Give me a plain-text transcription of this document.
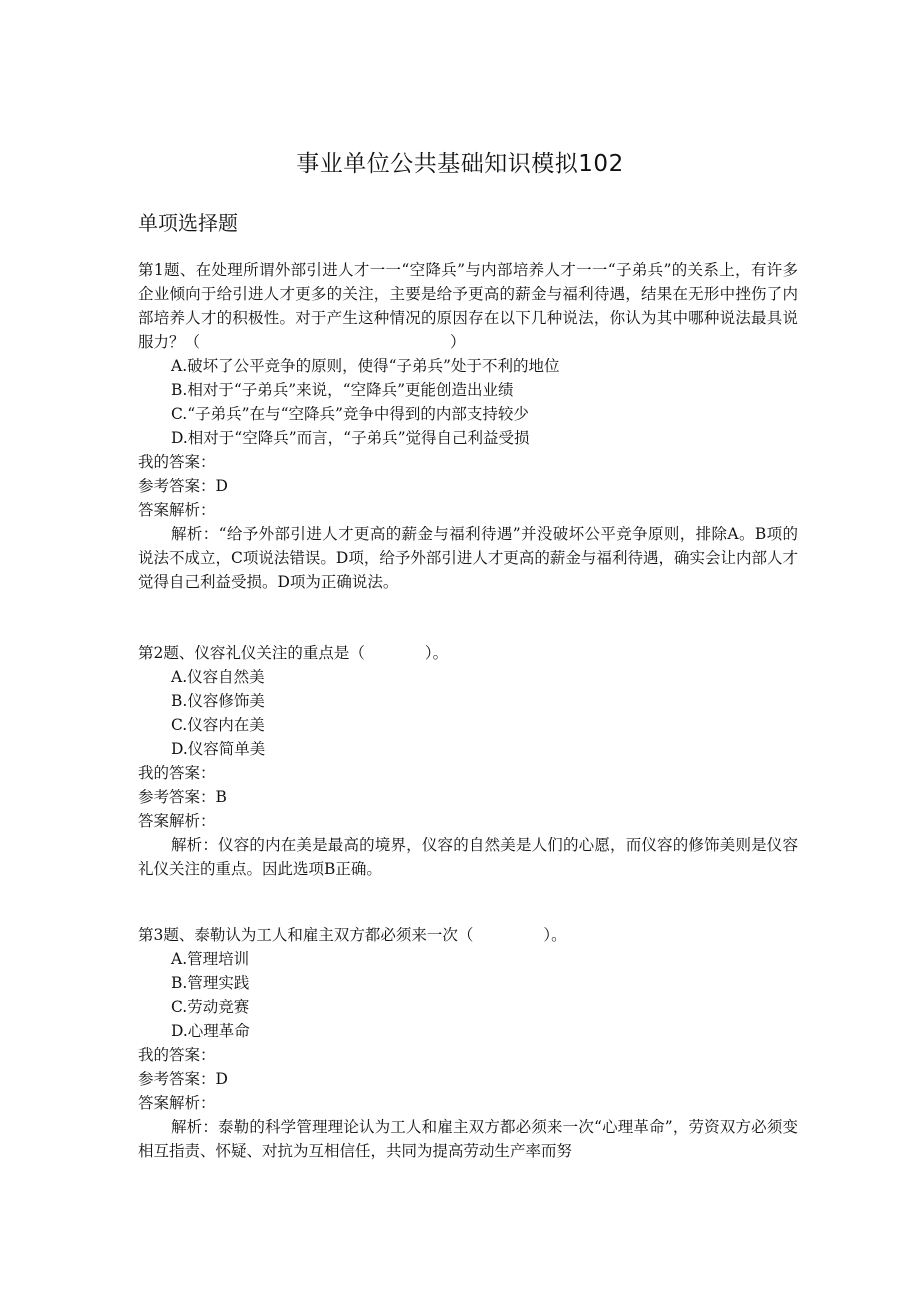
事业单位公共基础知识模拟102
单项选择题

第1题、在处理所谓外部引进人才一一“空降兵”与内部培养人才一一“子弟兵”的关系上，有许多企业倾向于给引进人才更多的关注，主要是给予更高的薪金与福利待遇，结果在无形中挫伤了内部培养人才的积极性。对于产生这种情况的原因存在以下几种说法，你认为其中哪种说法最具说服力？（	）

A.破坏了公平竞争的原则，使得“子弟兵”处于不利的地位

B.相对于“子弟兵”来说，“空降兵”更能创造出业绩

C.“子弟兵”在与“空降兵”竞争中得到的内部支持较少

D.相对于“空降兵”而言，“子弟兵”觉得自己利益受损

我的答案：

参考答案：D

答案解析：

解析：“给予外部引进人才更高的薪金与福利待遇”并没破坏公平竞争原则，排除A。B项的说法不成立，C项说法错误。D项，给予外部引进人才更高的薪金与福利待遇，确实会让内部人才觉得自己利益受损。D项为正确说法。

第2题、仪容礼仪关注的重点是（	）。

A.仪容自然美

B.仪容修饰美

C.仪容内在美

D.仪容简单美

我的答案：

参考答案：B

答案解析：

解析：仪容的内在美是最高的境界，仪容的自然美是人们的心愿，而仪容的修饰美则是仪容礼仪关注的重点。因此选项B正确。

第3题、泰勒认为工人和雇主双方都必须来一次（	）。

A.管理培训

B.管理实践

C.劳动竞赛

D.心理革命

我的答案：

参考答案：D

答案解析：

解析：泰勒的科学管理理论认为工人和雇主双方都必须来一次“心理革命”，劳资双方必须变相互指责、怀疑、对抗为互相信任，共同为提高劳动生产率而努
